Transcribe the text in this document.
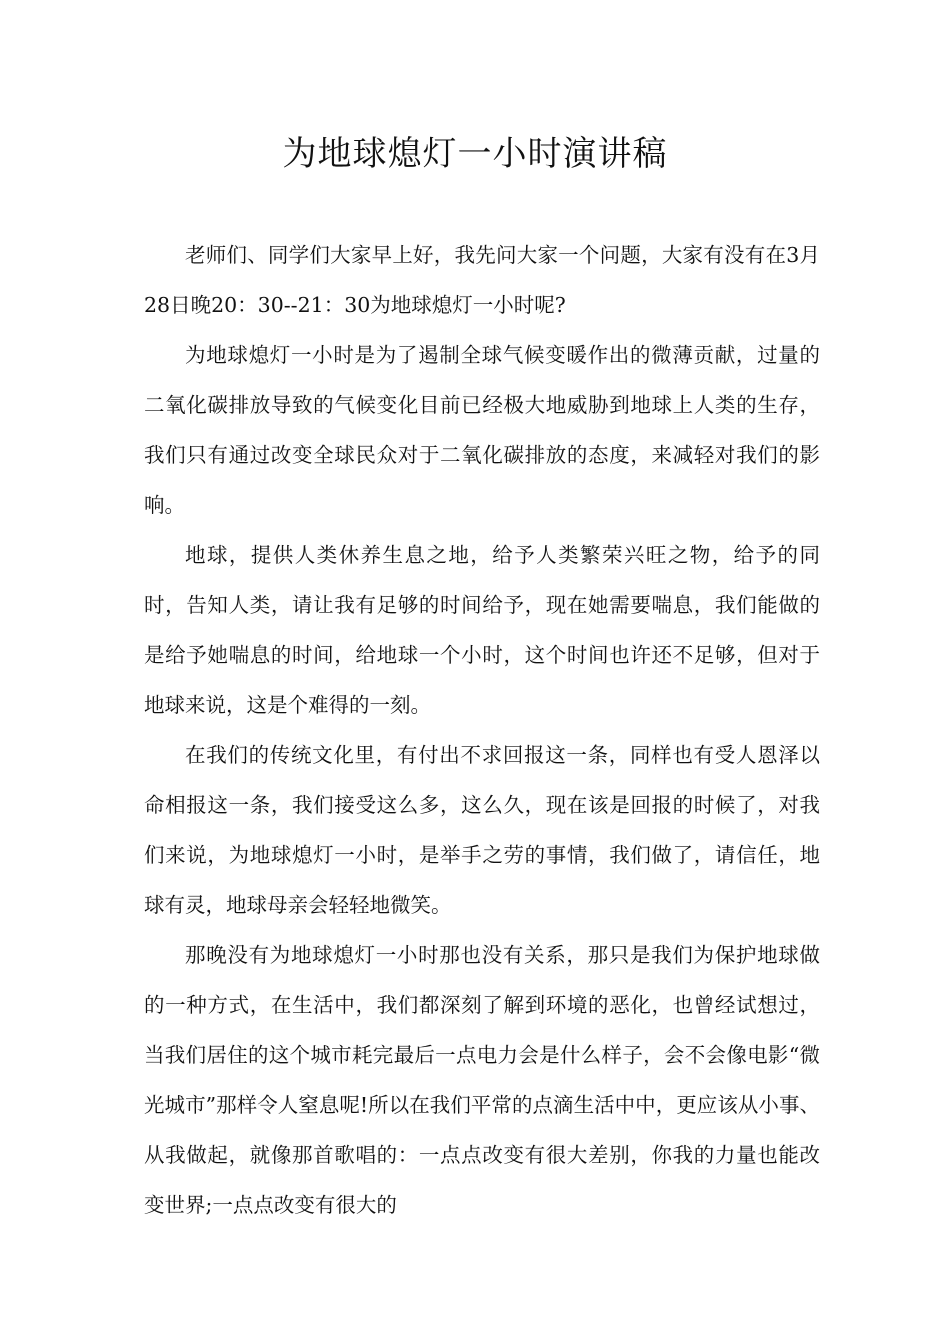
为地球熄灯一小时演讲稿

老师们、同学们大家早上好，我先问大家一个问题，大家有没有在3月28日晚20：30--21：30为地球熄灯一小时呢?

为地球熄灯一小时是为了遏制全球气候变暖作出的微薄贡献，过量的二氧化碳排放导致的气候变化目前已经极大地威胁到地球上人类的生存，我们只有通过改变全球民众对于二氧化碳排放的态度，来减轻对我们的影响。

地球，提供人类休养生息之地，给予人类繁荣兴旺之物，给予的同时，告知人类，请让我有足够的时间给予，现在她需要喘息，我们能做的是给予她喘息的时间，给地球一个小时，这个时间也许还不足够，但对于地球来说，这是个难得的一刻。

在我们的传统文化里，有付出不求回报这一条，同样也有受人恩泽以命相报这一条，我们接受这么多，这么久，现在该是回报的时候了，对我们来说，为地球熄灯一小时，是举手之劳的事情，我们做了，请信任，地球有灵，地球母亲会轻轻地微笑。

那晚没有为地球熄灯一小时那也没有关系，那只是我们为保护地球做的一种方式，在生活中，我们都深刻了解到环境的恶化，也曾经试想过，当我们居住的这个城市耗完最后一点电力会是什么样子，会不会像电影“微光城市”那样令人窒息呢!所以在我们平常的点滴生活中中，更应该从小事、从我做起，就像那首歌唱的：一点点改变有很大差别，你我的力量也能改变世界;一点点改变有很大的
